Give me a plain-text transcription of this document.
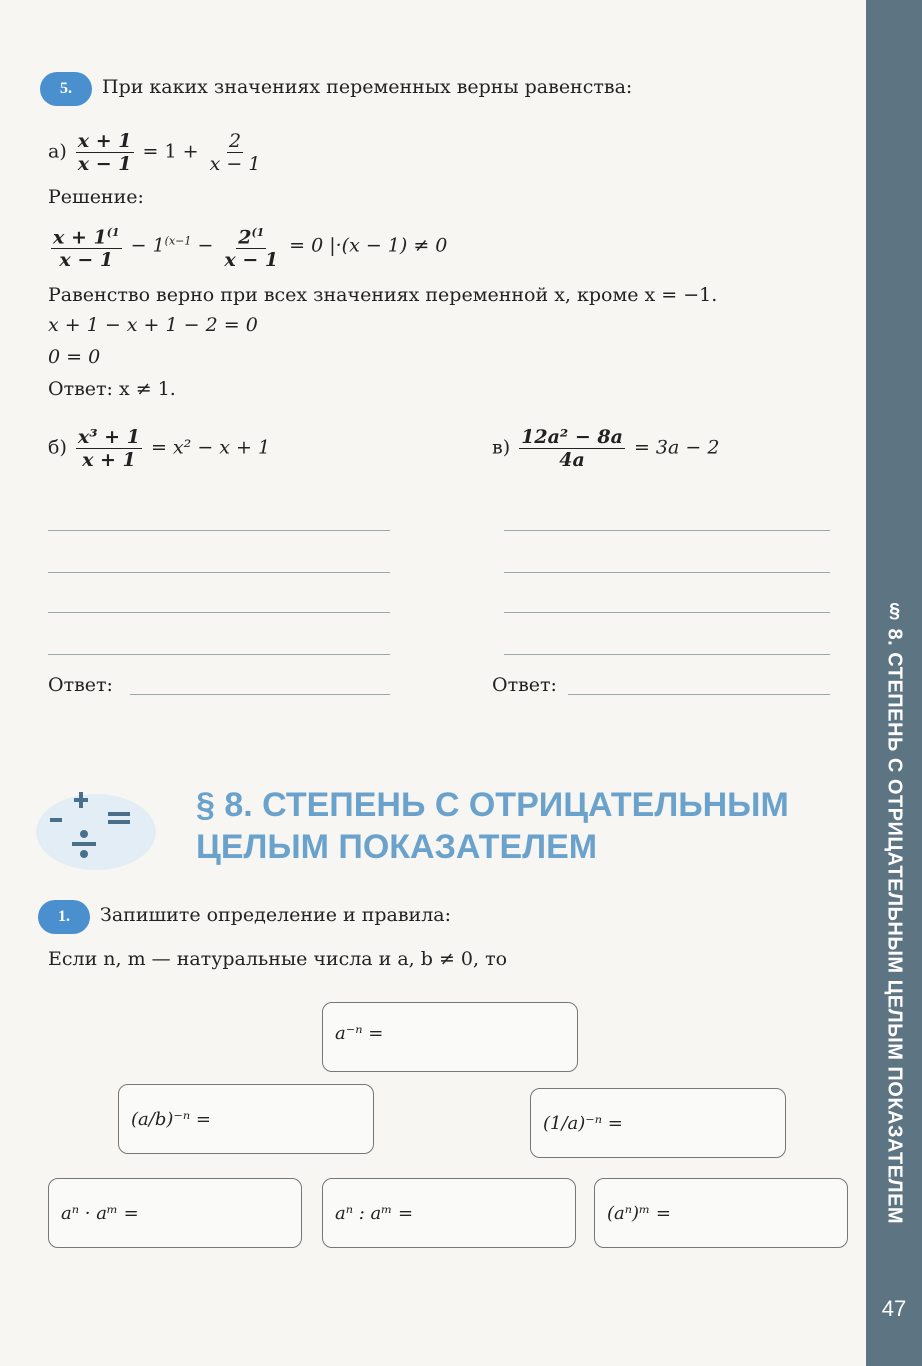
§ 8. СТЕПЕНЬ С ОТРИЦАТЕЛЬНЫМ ЦЕЛЫМ ПОКАЗАТЕЛЕМ
47
5.	При каких значениях переменных верны равенства:
$а) \frac{x + 1}{x - 1} = 1 + \frac{2}{x - 1}$
Решение:
$\frac{x + 1^{(1}}{x - 1} - 1^{(x-1} - \frac{2^{(1}}{x - 1} = 0$ |·(x − 1) ≠ 0
Равенство верно при всех значениях переменной x, кроме x = −1.
x + 1 − x + 1 − 2 = 0
0 = 0
Ответ: x ≠ 1.
$б) \frac{\text{x³ + 1}}{x + 1} = x^2 - x + 1$	$в) \frac{\text{12a² − 8a}}{4a} = 3a - 2$
Ответ:	Ответ:
§ 8. СТЕПЕНЬ С ОТРИЦАТЕЛЬНЫМ
ЦЕЛЫМ ПОКАЗАТЕЛЕМ
1.	Запишите определение и правила:
Если n, m — натуральные числа и a, b ≠ 0, то
a⁻ⁿ =
(a/b)⁻ⁿ =	(1/a)⁻ⁿ =
aⁿ · aᵐ =	aⁿ : aᵐ =	(aⁿ)ᵐ =
